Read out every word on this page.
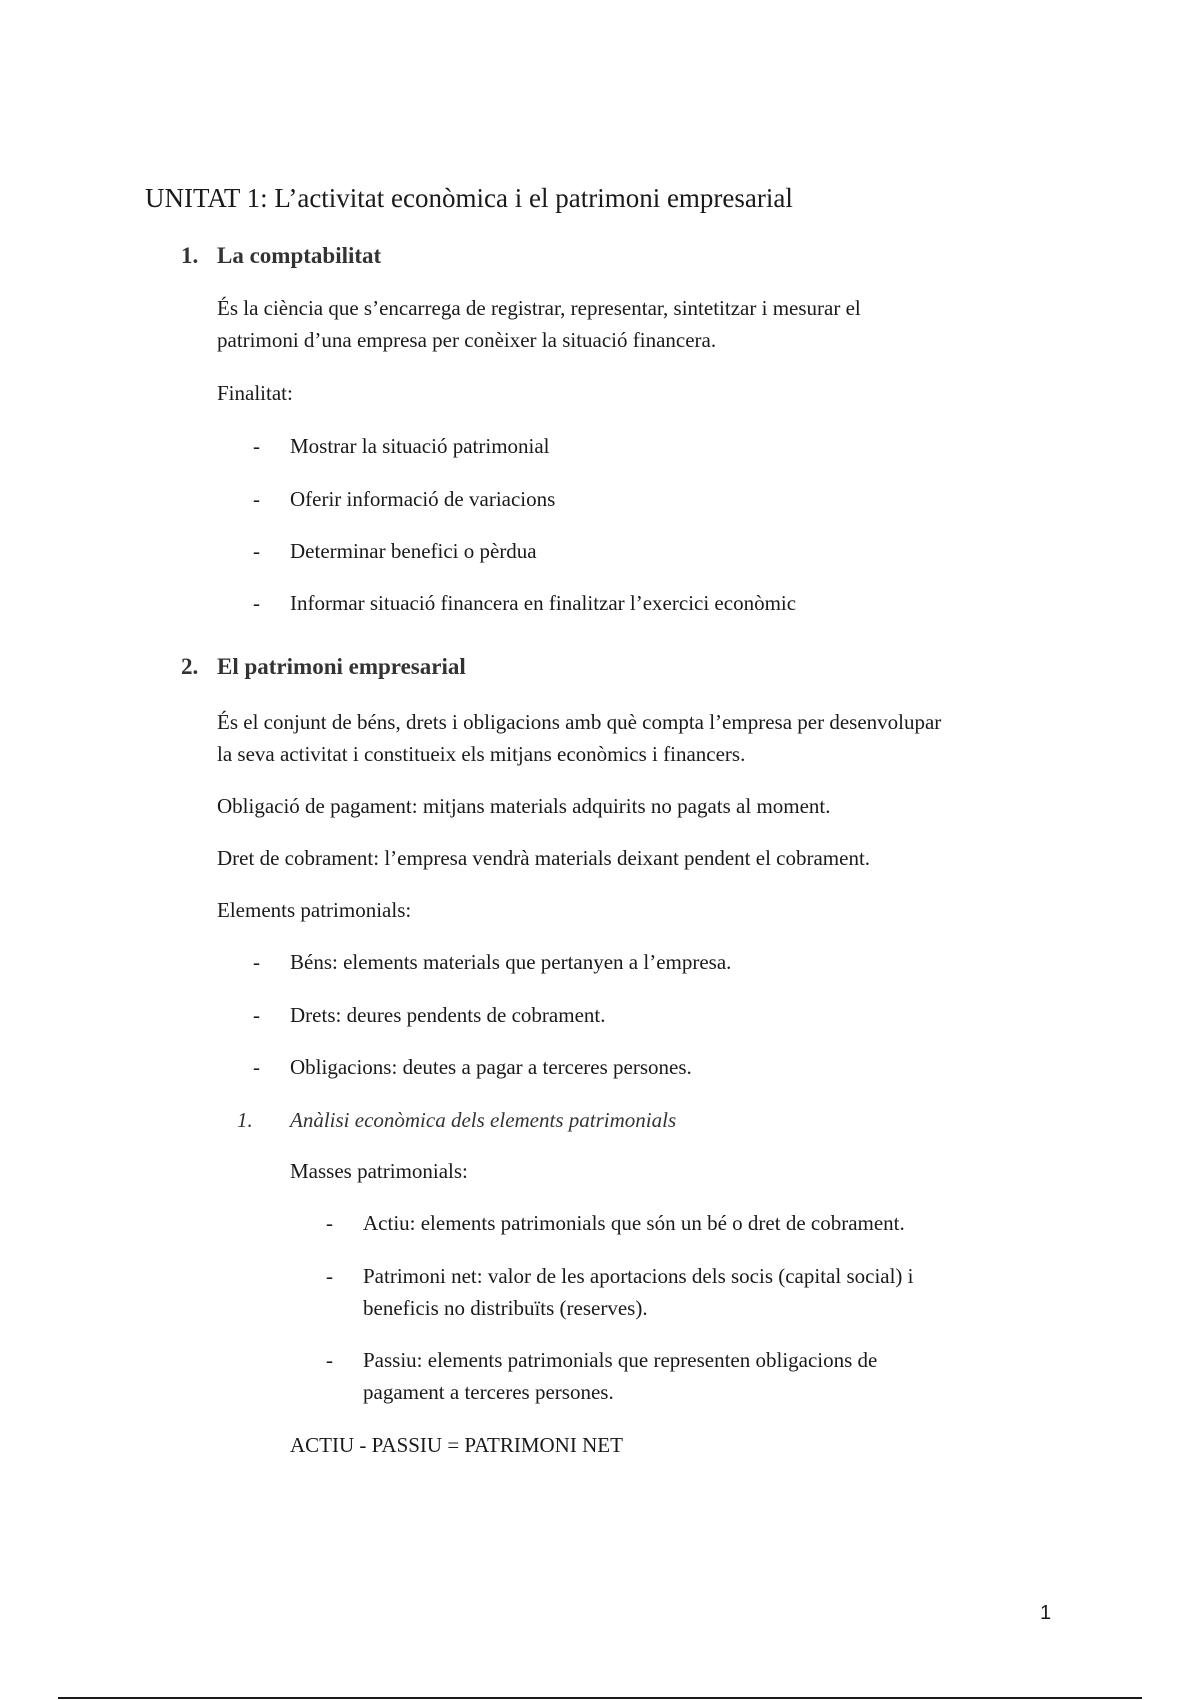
UNITAT 1: L’activitat econòmica i el patrimoni empresarial
1. La comptabilitat
És la ciència que s’encarrega de registrar, representar, sintetitzar i mesurar el
patrimoni d’una empresa per conèixer la situació financera.
Finalitat:
- Mostrar la situació patrimonial
- Oferir informació de variacions
- Determinar benefici o pèrdua
- Informar situació financera en finalitzar l’exercici econòmic
2. El patrimoni empresarial
És el conjunt de béns, drets i obligacions amb què compta l’empresa per desenvolupar
la seva activitat i constitueix els mitjans econòmics i financers.
Obligació de pagament: mitjans materials adquirits no pagats al moment.
Dret de cobrament: l’empresa vendrà materials deixant pendent el cobrament.
Elements patrimonials:
- Béns: elements materials que pertanyen a l’empresa.
- Drets: deures pendents de cobrament.
- Obligacions: deutes a pagar a terceres persones.
1. Anàlisi econòmica dels elements patrimonials
Masses patrimonials:
- Actiu: elements patrimonials que són un bé o dret de cobrament.
- Patrimoni net: valor de les aportacions dels socis (capital social) i
beneficis no distribuïts (reserves).
- Passiu: elements patrimonials que representen obligacions de
pagament a terceres persones.
ACTIU - PASSIU = PATRIMONI NET
1
